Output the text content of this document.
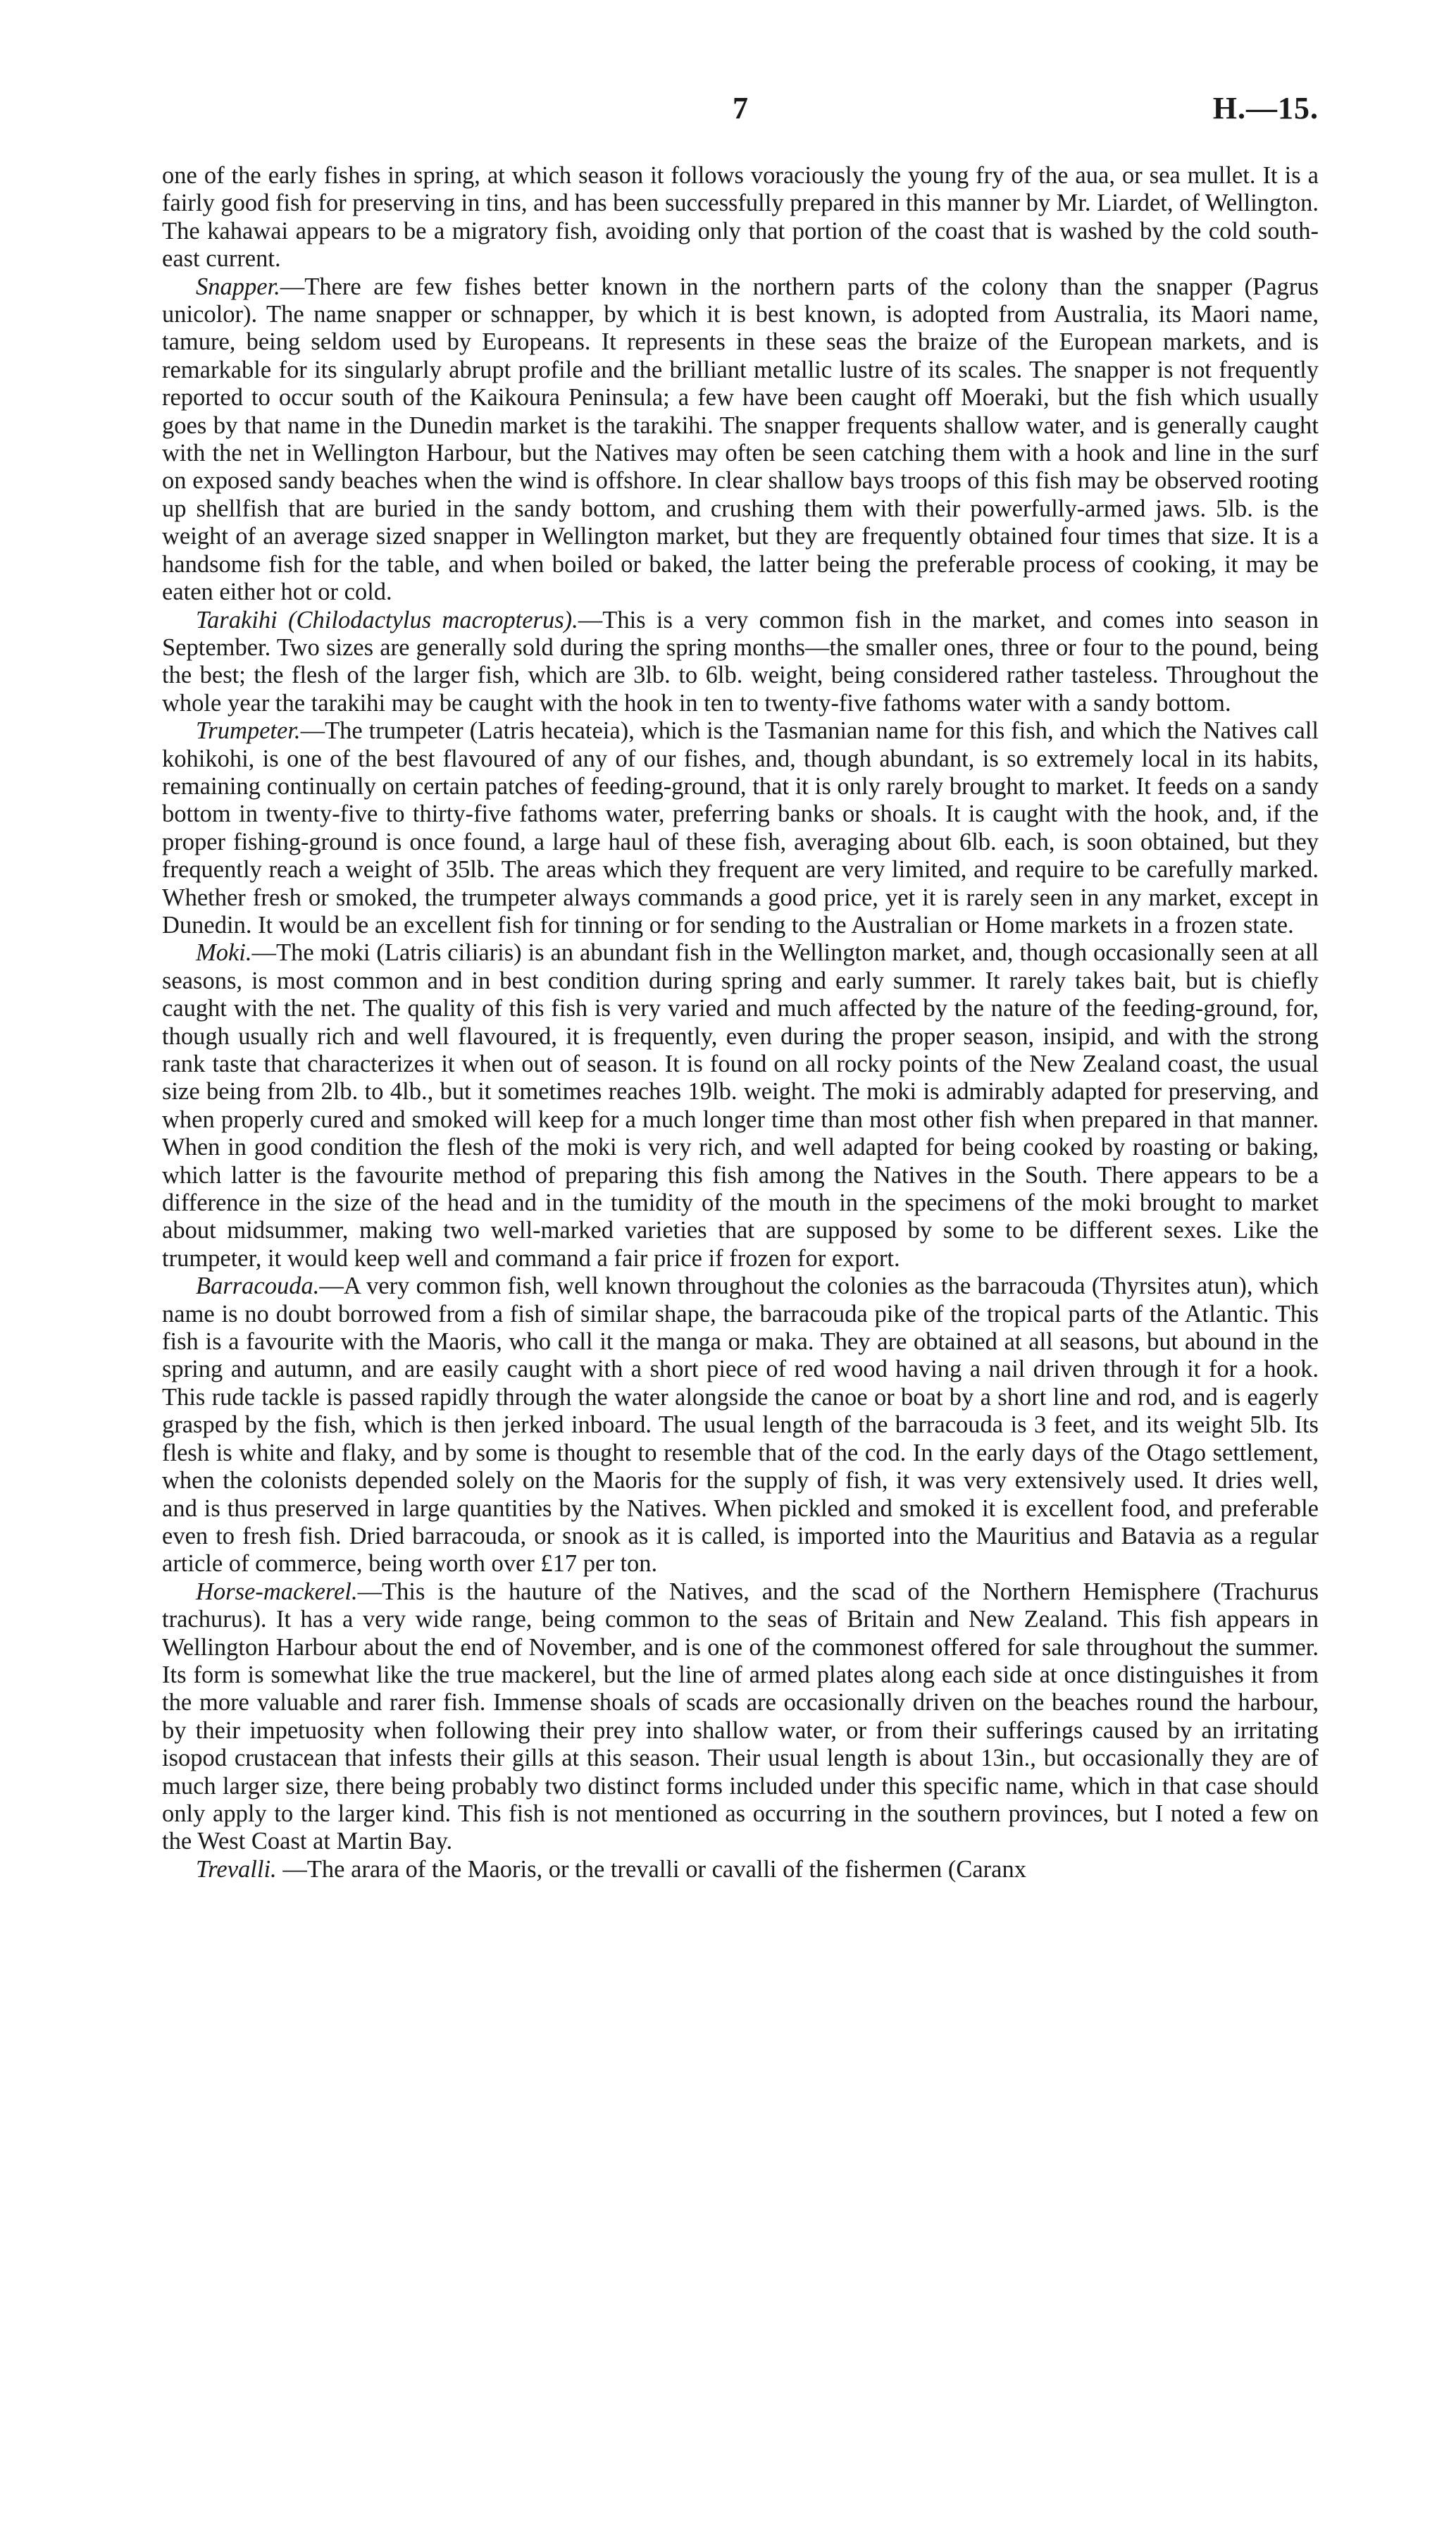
7	H.—15.

one of the early fishes in spring, at which season it follows voraciously the young fry of the aua, or sea mullet. It is a fairly good fish for preserving in tins, and has been successfully prepared in this manner by Mr. Liardet, of Wellington. The kahawai appears to be a migratory fish, avoiding only that portion of the coast that is washed by the cold south-east current.

Snapper.—There are few fishes better known in the northern parts of the colony than the snapper (Pagrus unicolor). The name snapper or schnapper, by which it is best known, is adopted from Australia, its Maori name, tamure, being seldom used by Europeans. It represents in these seas the braize of the European markets, and is remarkable for its singularly abrupt profile and the brilliant metallic lustre of its scales. The snapper is not frequently reported to occur south of the Kaikoura Peninsula; a few have been caught off Moeraki, but the fish which usually goes by that name in the Dunedin market is the tarakihi. The snapper frequents shallow water, and is generally caught with the net in Wellington Harbour, but the Natives may often be seen catching them with a hook and line in the surf on exposed sandy beaches when the wind is offshore. In clear shallow bays troops of this fish may be observed rooting up shellfish that are buried in the sandy bottom, and crushing them with their powerfully-armed jaws. 5lb. is the weight of an average sized snapper in Wellington market, but they are frequently obtained four times that size. It is a handsome fish for the table, and when boiled or baked, the latter being the preferable process of cooking, it may be eaten either hot or cold.

Tarakihi (Chilodactylus macropterus).—This is a very common fish in the market, and comes into season in September. Two sizes are generally sold during the spring months—the smaller ones, three or four to the pound, being the best; the flesh of the larger fish, which are 3lb. to 6lb. weight, being considered rather tasteless. Throughout the whole year the tarakihi may be caught with the hook in ten to twenty-five fathoms water with a sandy bottom.

Trumpeter.—The trumpeter (Latris hecateia), which is the Tasmanian name for this fish, and which the Natives call kohikohi, is one of the best flavoured of any of our fishes, and, though abundant, is so extremely local in its habits, remaining continually on certain patches of feeding-ground, that it is only rarely brought to market. It feeds on a sandy bottom in twenty-five to thirty-five fathoms water, preferring banks or shoals. It is caught with the hook, and, if the proper fishing-ground is once found, a large haul of these fish, averaging about 6lb. each, is soon obtained, but they frequently reach a weight of 35lb. The areas which they frequent are very limited, and require to be carefully marked. Whether fresh or smoked, the trumpeter always commands a good price, yet it is rarely seen in any market, except in Dunedin. It would be an excellent fish for tinning or for sending to the Australian or Home markets in a frozen state.

Moki.—The moki (Latris ciliaris) is an abundant fish in the Wellington market, and, though occasionally seen at all seasons, is most common and in best condition during spring and early summer. It rarely takes bait, but is chiefly caught with the net. The quality of this fish is very varied and much affected by the nature of the feeding-ground, for, though usually rich and well flavoured, it is frequently, even during the proper season, insipid, and with the strong rank taste that characterizes it when out of season. It is found on all rocky points of the New Zealand coast, the usual size being from 2lb. to 4lb., but it sometimes reaches 19lb. weight. The moki is admirably adapted for preserving, and when properly cured and smoked will keep for a much longer time than most other fish when prepared in that manner. When in good condition the flesh of the moki is very rich, and well adapted for being cooked by roasting or baking, which latter is the favourite method of preparing this fish among the Natives in the South. There appears to be a difference in the size of the head and in the tumidity of the mouth in the specimens of the moki brought to market about midsummer, making two well-marked varieties that are supposed by some to be different sexes. Like the trumpeter, it would keep well and command a fair price if frozen for export.

Barracouda.—A very common fish, well known throughout the colonies as the barracouda (Thyrsites atun), which name is no doubt borrowed from a fish of similar shape, the barracouda pike of the tropical parts of the Atlantic. This fish is a favourite with the Maoris, who call it the manga or maka. They are obtained at all seasons, but abound in the spring and autumn, and are easily caught with a short piece of red wood having a nail driven through it for a hook. This rude tackle is passed rapidly through the water alongside the canoe or boat by a short line and rod, and is eagerly grasped by the fish, which is then jerked inboard. The usual length of the barracouda is 3 feet, and its weight 5lb. Its flesh is white and flaky, and by some is thought to resemble that of the cod. In the early days of the Otago settlement, when the colonists depended solely on the Maoris for the supply of fish, it was very extensively used. It dries well, and is thus preserved in large quantities by the Natives. When pickled and smoked it is excellent food, and preferable even to fresh fish. Dried barracouda, or snook as it is called, is imported into the Mauritius and Batavia as a regular article of commerce, being worth over £17 per ton.

Horse-mackerel.—This is the hauture of the Natives, and the scad of the Northern Hemisphere (Trachurus trachurus). It has a very wide range, being common to the seas of Britain and New Zealand. This fish appears in Wellington Harbour about the end of November, and is one of the commonest offered for sale throughout the summer. Its form is somewhat like the true mackerel, but the line of armed plates along each side at once distinguishes it from the more valuable and rarer fish. Immense shoals of scads are occasionally driven on the beaches round the harbour, by their impetuosity when following their prey into shallow water, or from their sufferings caused by an irritating isopod crustacean that infests their gills at this season. Their usual length is about 13in., but occasionally they are of much larger size, there being probably two distinct forms included under this specific name, which in that case should only apply to the larger kind. This fish is not mentioned as occurring in the southern provinces, but I noted a few on the West Coast at Martin Bay.

Trevalli. —The arara of the Maoris, or the trevalli or cavalli of the fishermen (Caranx
